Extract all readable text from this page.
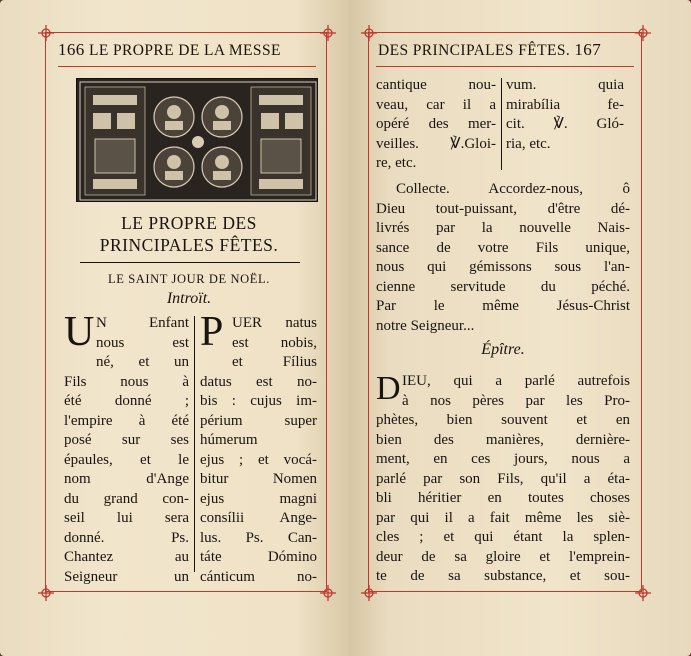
166 LE PROPRE DE LA MESSE
LE PROPRE DES
PRINCIPALES FÊTES.
LE SAINT JOUR DE NOËL.
Introït.
U N Enfant
nous est
né, et un
Fils nous à
été donné ;
l'empire à été
posé sur ses
épaules, et le
nom d'Ange
du grand con-
seil lui sera
donné. Ps.
Chantez au
Seigneur un
P UER natus
est nobis,
et Fílius
datus est no-
bis : cujus im-
périum super
húmerum
ejus ; et vocá-
bitur Nomen
ejus magni
consílii Ange-
lus. Ps. Can-
táte Dómino
cánticum no-
DES PRINCIPALES FÊTES. 167
cantique nou-
veau, car il a
opéré des mer-
veilles. ℣.Gloi-
re, etc.
vum. quia
mirabília fe-
cit. ℣. Gló-
ria, etc.
Collecte. Accordez-nous, ô
Dieu tout-puissant, d'être dé-
livrés par la nouvelle Nais-
sance de votre Fils unique,
nous qui gémissons sous l'an-
cienne servitude du péché.
Par le même Jésus-Christ
notre Seigneur...
Épître.
D IEU, qui a parlé autrefois
à nos pères par les Pro-
phètes, bien souvent et en
bien des manières, dernière-
ment, en ces jours, nous a
parlé par son Fils, qu'il a éta-
bli héritier en toutes choses
par qui il a fait même les siè-
cles ; et qui étant la splen-
deur de sa gloire et l'emprein-
te de sa substance, et sou-
